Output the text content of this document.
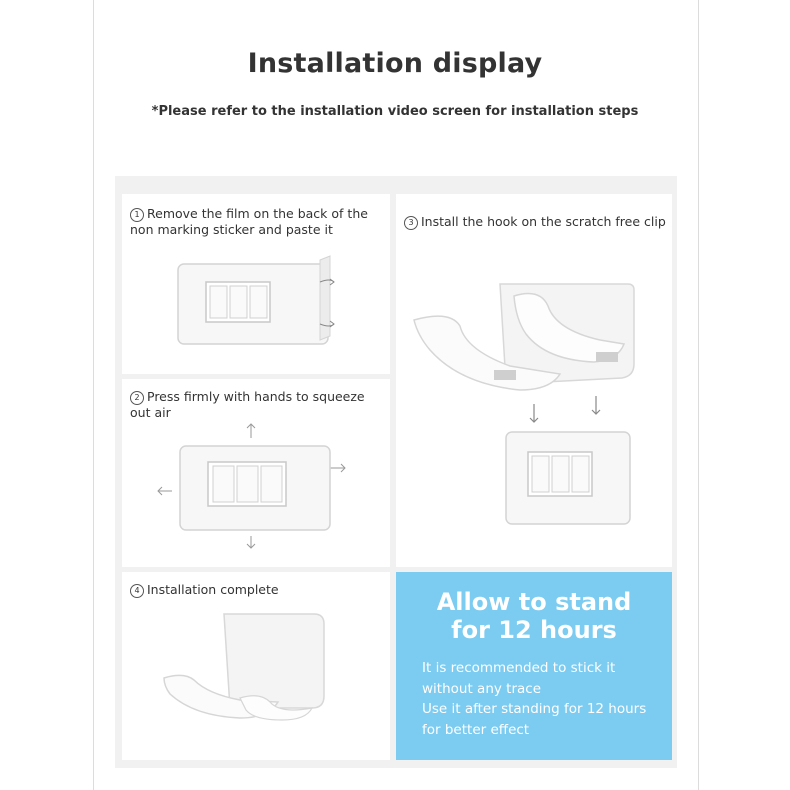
Installation display
*Please refer to the installation video screen for installation steps
1 Remove the film on the back of the non marking sticker and paste it
2 Press firmly with hands to squeeze out air
3 Install the hook on the scratch free clip
4 Installation complete	Allow to stand
for 12 hours
It is recommended to stick it
without any trace
Use it after standing for 12 hours
for better effect
